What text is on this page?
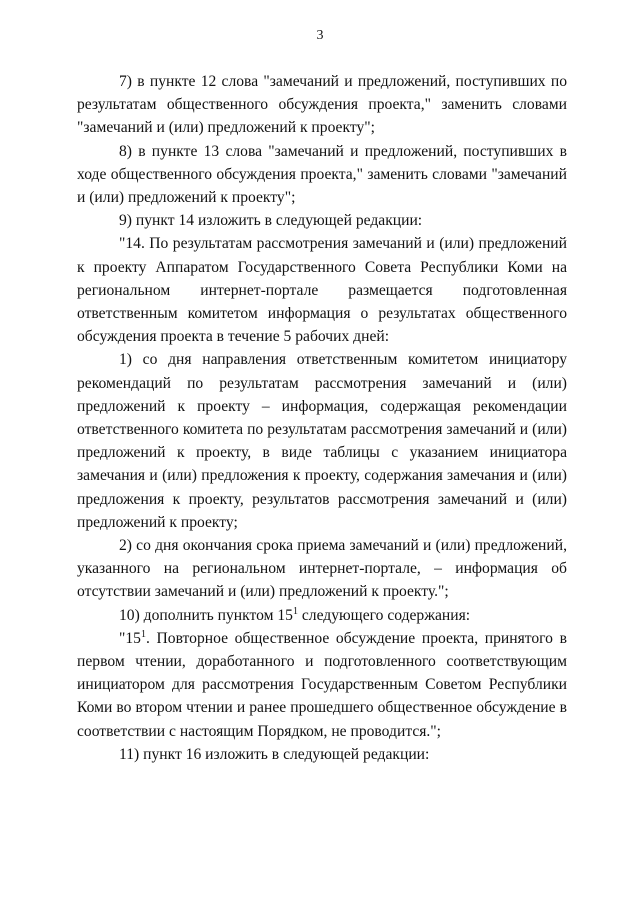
3

7) в пункте 12 слова "замечаний и предложений, поступивших по результатам общественного обсуждения проекта," заменить словами "замечаний и (или) предложений к проекту";

8) в пункте 13 слова "замечаний и предложений, поступивших в ходе общественного обсуждения проекта," заменить словами "замечаний и (или) предложений к проекту";

9) пункт 14 изложить в следующей редакции:

"14. По результатам рассмотрения замечаний и (или) предложений к проекту Аппаратом Государственного Совета Республики Коми на региональном интернет-портале размещается подготовленная ответственным комитетом информация о результатах общественного обсуждения проекта в течение 5 рабочих дней:

1) со дня направления ответственным комитетом инициатору рекомендаций по результатам рассмотрения замечаний и (или) предложений к проекту – информация, содержащая рекомендации ответственного комитета по результатам рассмотрения замечаний и (или) предложений к проекту, в виде таблицы с указанием инициатора замечания и (или) предложения к проекту, содержания замечания и (или) предложения к проекту, результатов рассмотрения замечаний и (или) предложений к проекту;

2) со дня окончания срока приема замечаний и (или) предложений, указанного на региональном интернет-портале, – информация об отсутствии замечаний и (или) предложений к проекту.";

10) дополнить пунктом $15^1$ следующего содержания:

"$15^1$. Повторное общественное обсуждение проекта, принятого в первом чтении, доработанного и подготовленного соответствующим инициатором для рассмотрения Государственным Советом Республики Коми во втором чтении и ранее прошедшего общественное обсуждение в соответствии с настоящим Порядком, не проводится.";

11) пункт 16 изложить в следующей редакции:
